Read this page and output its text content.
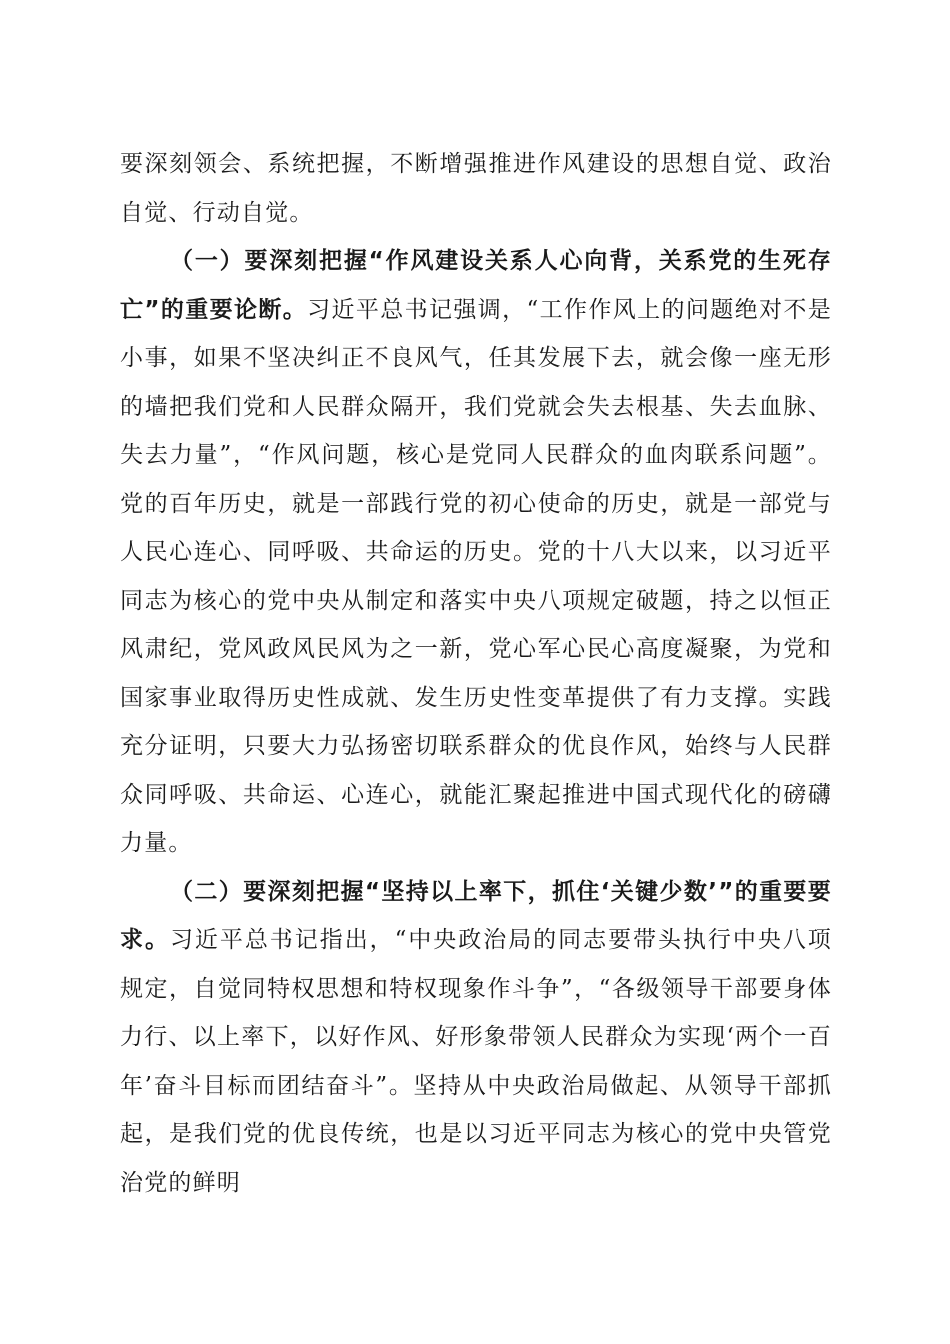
要深刻领会、系统把握，不断增强推进作风建设的思想自觉、政治自觉、行动自觉。

（一）要深刻把握“作风建设关系人心向背，关系党的生死存亡”的重要论断。习近平总书记强调，“工作作风上的问题绝对不是小事，如果不坚决纠正不良风气，任其发展下去，就会像一座无形的墙把我们党和人民群众隔开，我们党就会失去根基、失去血脉、失去力量”，“作风问题，核心是党同人民群众的血肉联系问题”。党的百年历史，就是一部践行党的初心使命的历史，就是一部党与人民心连心、同呼吸、共命运的历史。党的十八大以来，以习近平同志为核心的党中央从制定和落实中央八项规定破题，持之以恒正风肃纪，党风政风民风为之一新，党心军心民心高度凝聚，为党和国家事业取得历史性成就、发生历史性变革提供了有力支撑。实践充分证明，只要大力弘扬密切联系群众的优良作风，始终与人民群众同呼吸、共命运、心连心，就能汇聚起推进中国式现代化的磅礴力量。

（二）要深刻把握“坚持以上率下，抓住‘关键少数’”的重要要求。习近平总书记指出，“中央政治局的同志要带头执行中央八项规定，自觉同特权思想和特权现象作斗争”，“各级领导干部要身体力行、以上率下，以好作风、好形象带领人民群众为实现‘两个一百年’奋斗目标而团结奋斗”。坚持从中央政治局做起、从领导干部抓起，是我们党的优良传统，也是以习近平同志为核心的党中央管党治党的鲜明
